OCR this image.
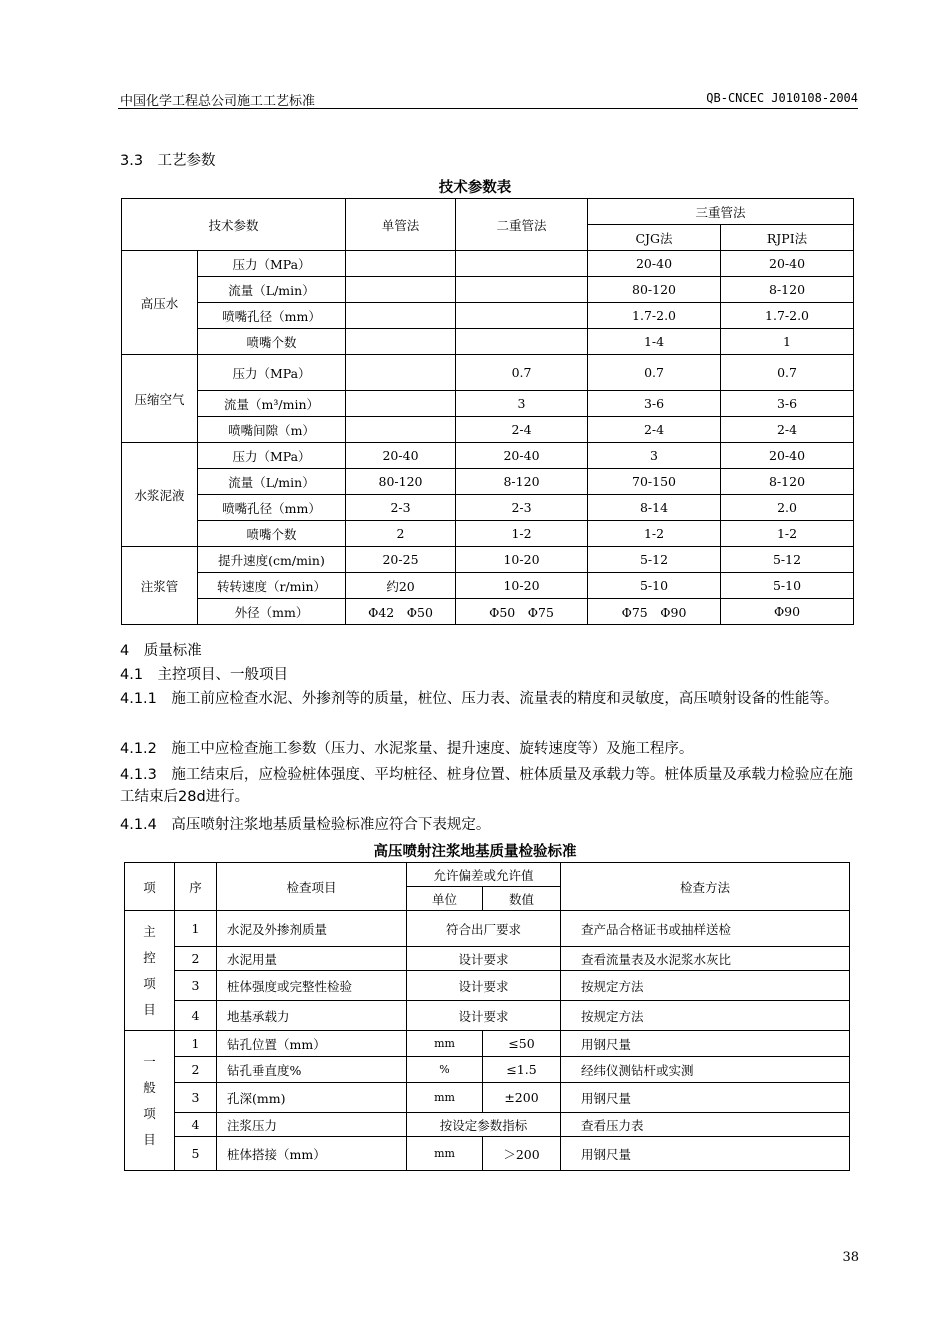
中国化学工程总公司施工工艺标准	QB-CNCEC J010108-2004
3.3　工艺参数
技术参数表
技术参数		单管法	二重管法	三重管法	
				CJG法	RJPI法
高压水	压力（MPa）			20-40	20-40
	流量（L/min）			80-120	8-120
	喷嘴孔径（mm）			1.7-2.0	1.7-2.0
	喷嘴个数			1-4	1
压缩空气	压力（MPa）		0.7	0.7	0.7
	流量（m³/min）		3	3-6	3-6
	喷嘴间隙（m）		2-4	2-4	2-4
水浆泥液	压力（MPa）	20-40	20-40	3	20-40
	流量（L/min）	80-120	8-120	70-150	8-120
	喷嘴孔径（mm）	2-3	2-3	8-14	2.0
	喷嘴个数	2	1-2	1-2	1-2
注浆管	提升速度(cm/min)	20-25	10-20	5-12	5-12
	转转速度（r/min）	约20	10-20	5-10	5-10
	外径（mm）	Φ42　Φ50	Φ50　Φ75	Φ75　Φ90	Φ90
4　质量标准
4.1　主控项目、一般项目
4.1.1　施工前应检查水泥、外掺剂等的质量，桩位、压力表、流量表的精度和灵敏度，高压喷射设备的性能等。
4.1.2　施工中应检查施工参数（压力、水泥浆量、提升速度、旋转速度等）及施工程序。
4.1.3　施工结束后，应检验桩体强度、平均桩径、桩身位置、桩体质量及承载力等。桩体质量及承载力检验应在施工结束后28d进行。
4.1.4　高压喷射注浆地基质量检验标准应符合下表规定。
高压喷射注浆地基质量检验标准
项	序	检查项目	允许偏差或允许值		检查方法
			单位	数值	
主控项目	1	水泥及外掺剂质量	符合出厂要求		查产品合格证书或抽样送检
	2	水泥用量	设计要求		查看流量表及水泥浆水灰比
	3	桩体强度或完整性检验	设计要求		按规定方法
	4	地基承载力	设计要求		按规定方法
一般项目	1	钻孔位置（mm）	mm	≤50	用钢尺量
	2	钻孔垂直度%	%	≤1.5	经纬仪测钻杆或实测
	3	孔深(mm)	mm	±200	用钢尺量
	4	注浆压力	按设定参数指标		查看压力表
	5	桩体搭接（mm）	mm	＞200	用钢尺量
38
